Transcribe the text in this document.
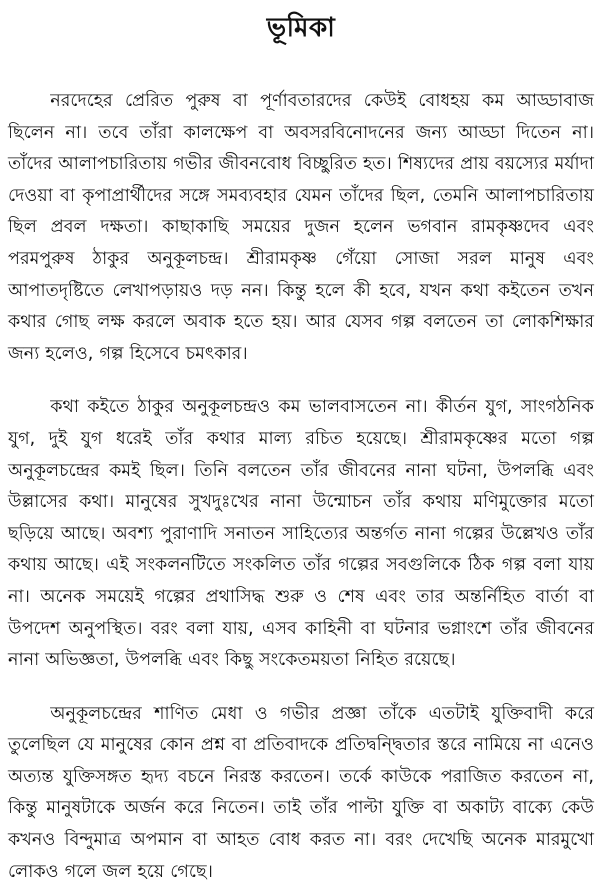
ভূমিকা

নরদেহের প্রেরিত পুরুষ বা পূর্ণাবতারদের কেউই বোধহয় কম আড্ডাবাজ ছিলেন না। তবে তাঁরা কালক্ষেপ বা অবসরবিনোদনের জন্য আড্ডা দিতেন না। তাঁদের আলাপচারিতায় গভীর জীবনবোধ বিচ্ছুরিত হত। শিষ্যদের প্রায় বয়স্যের মর্যাদা দেওয়া বা কৃপাপ্রার্থীদের সঙ্গে সমব্যবহার যেমন তাঁদের ছিল, তেমনি আলাপচারিতায় ছিল প্রবল দক্ষতা। কাছাকাছি সময়ের দুজন হলেন ভগবান রামকৃষ্ণদেব এবং পরমপুরুষ ঠাকুর অনুকূলচন্দ্র। শ্রীরামকৃষ্ণ গেঁয়ো সোজা সরল মানুষ এবং আপাতদৃষ্টিতে লেখাপড়ায়ও দড় নন। কিন্তু হলে কী হবে, যখন কথা কইতেন তখন কথার গোছ লক্ষ করলে অবাক হতে হয়। আর যেসব গল্প বলতেন তা লোকশিক্ষার জন্য হলেও, গল্প হিসেবে চমৎকার।

কথা কইতে ঠাকুর অনুকূলচন্দ্রও কম ভালবাসতেন না। কীর্তন যুগ, সাংগঠনিক যুগ, দুই যুগ ধরেই তাঁর কথার মাল্য রচিত হয়েছে। শ্রীরামকৃষ্ণের মতো গল্প অনুকূলচন্দ্রের কমই ছিল। তিনি বলতেন তাঁর জীবনের নানা ঘটনা, উপলব্ধি এবং উল্লাসের কথা। মানুষের সুখদুঃখের নানা উন্মোচন তাঁর কথায় মণিমুক্তোর মতো ছড়িয়ে আছে। অবশ্য পুরাণাদি সনাতন সাহিত্যের অন্তর্গত নানা গল্পের উল্লেখও তাঁর কথায় আছে। এই সংকলনটিতে সংকলিত তাঁর গল্পের সবগুলিকে ঠিক গল্প বলা যায় না। অনেক সময়েই গল্পের প্রথাসিদ্ধ শুরু ও শেষ এবং তার অন্তর্নিহিত বার্তা বা উপদেশ অনুপস্থিত। বরং বলা যায়, এসব কাহিনী বা ঘটনার ভগ্নাংশে তাঁর জীবনের নানা অভিজ্ঞতা, উপলব্ধি এবং কিছু সংকেতময়তা নিহিত রয়েছে।

অনুকূলচন্দ্রের শাণিত মেধা ও গভীর প্রজ্ঞা তাঁকে এতটাই যুক্তিবাদী করে তুলেছিল যে মানুষের কোন প্রশ্ন বা প্রতিবাদকে প্রতিদ্বন্দ্বিতার স্তরে নামিয়ে না এনেও অত্যন্ত যুক্তিসঙ্গত হৃদ্য বচনে নিরস্ত করতেন। তর্কে কাউকে পরাজিত করতেন না, কিন্তু মানুষটাকে অর্জন করে নিতেন। তাই তাঁর পাল্টা যুক্তি বা অকাট্য বাক্যে কেউ কখনও বিন্দুমাত্র অপমান বা আহত বোধ করত না। বরং দেখেছি অনেক মারমুখো লোকও গলে জল হয়ে গেছে।
